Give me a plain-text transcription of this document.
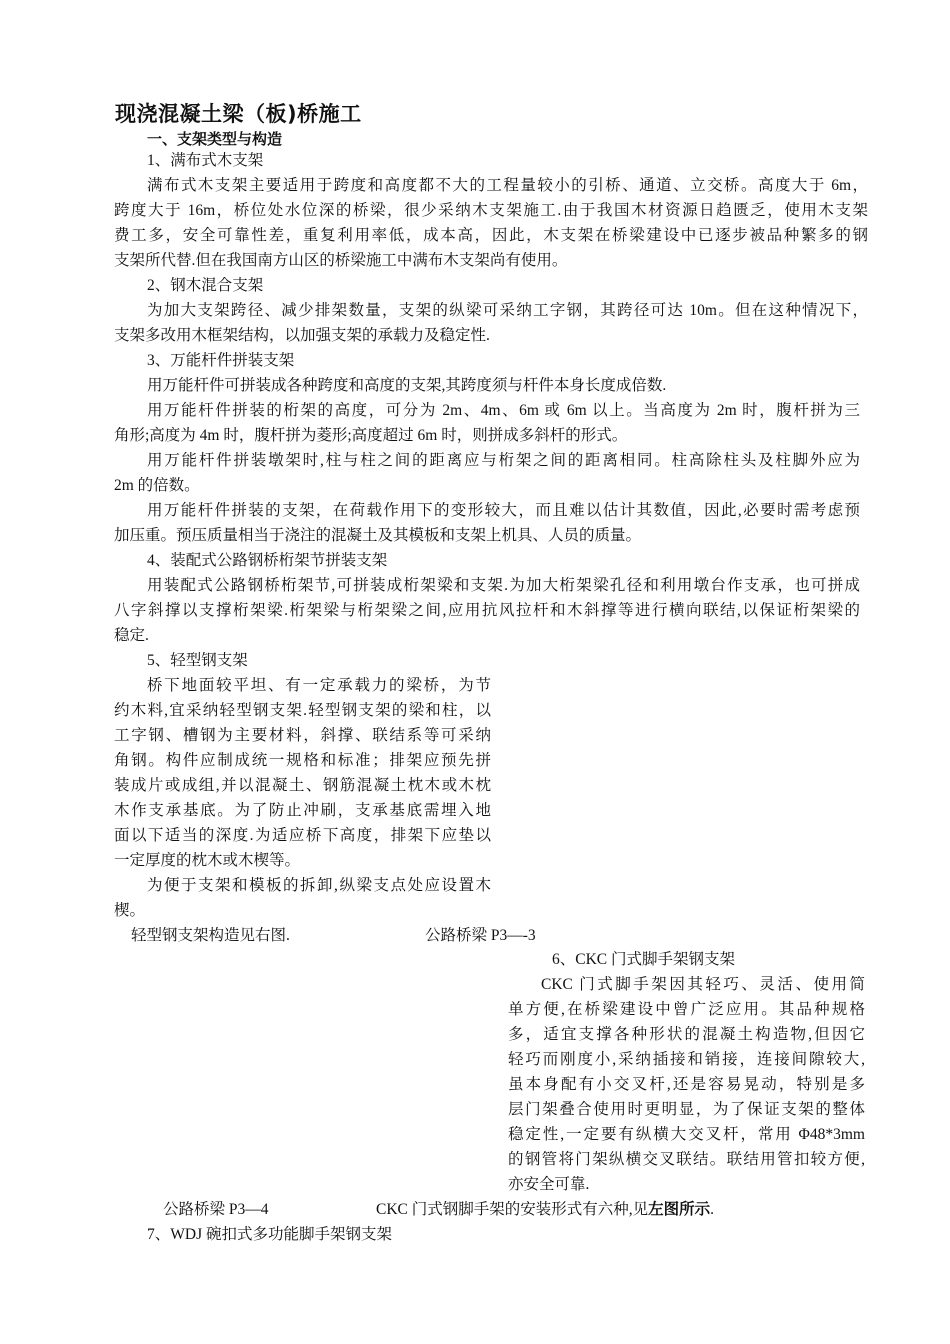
现浇混凝土梁（板)桥施工
一、支架类型与构造
1、满布式木支架
满布式木支架主要适用于跨度和高度都不大的工程量较小的引桥、通道、立交桥。高度大于 6m，
跨度大于 16m，桥位处水位深的桥梁，很少采纳木支架施工.由于我国木材资源日趋匮乏，使用木支架
费工多，安全可靠性差，重复利用率低，成本高，因此，木支架在桥梁建设中已逐步被品种繁多的钢
支架所代替.但在我国南方山区的桥梁施工中满布木支架尚有使用。
2、钢木混合支架
为加大支架跨径、减少排架数量，支架的纵梁可采纳工字钢，其跨径可达 10m。但在这种情况下，
支架多改用木框架结构，以加强支架的承载力及稳定性.
3、万能杆件拼装支架
用万能杆件可拼装成各种跨度和高度的支架,其跨度须与杆件本身长度成倍数.
用万能杆件拼装的桁架的高度，可分为 2m、4m、6m 或 6m 以上。当高度为 2m 时，腹杆拼为三
角形;高度为 4m 时，腹杆拼为菱形;高度超过 6m 时，则拼成多斜杆的形式。
用万能杆件拼装墩架时,柱与柱之间的距离应与桁架之间的距离相同。柱高除柱头及柱脚外应为
2m 的倍数。
用万能杆件拼装的支架，在荷载作用下的变形较大，而且难以估计其数值，因此,必要时需考虑预
加压重。预压质量相当于浇注的混凝土及其模板和支架上机具、人员的质量。
4、装配式公路钢桥桁架节拼装支架
用装配式公路钢桥桁架节,可拼装成桁架梁和支架.为加大桁架梁孔径和利用墩台作支承，也可拼成
八字斜撑以支撑桁架梁.桁架梁与桁架梁之间,应用抗风拉杆和木斜撑等进行横向联结,以保证桁架梁的
稳定.
5、轻型钢支架
桥下地面较平坦、有一定承载力的梁桥，为节
约木料,宜采纳轻型钢支架.轻型钢支架的梁和柱，以
工字钢、槽钢为主要材料，斜撑、联结系等可采纳
角钢。构件应制成统一规格和标准；排架应预先拼
装成片或成组,并以混凝土、钢筋混凝土枕木或木枕
木作支承基底。为了防止冲刷，支承基底需埋入地
面以下适当的深度.为适应桥下高度，排架下应垫以
一定厚度的枕木或木楔等。
为便于支架和模板的拆卸,纵梁支点处应设置木
楔。
轻型钢支架构造见右图.	公路桥梁 P3—-3
6、CKC 门式脚手架钢支架
CKC 门式脚手架因其轻巧、灵活、使用简
单方便,在桥梁建设中曾广泛应用。其品种规格
多，适宜支撑各种形状的混凝土构造物,但因它
轻巧而刚度小,采纳插接和销接，连接间隙较大,
虽本身配有小交叉杆,还是容易晃动，特别是多
层门架叠合使用时更明显，为了保证支架的整体
稳定性,一定要有纵横大交叉杆，常用 Φ48*3mm
的钢管将门架纵横交叉联结。联结用管扣较方便,
亦安全可靠.
公路桥梁 P3—4	CKC 门式钢脚手架的安装形式有六种,见左图所示.
7、WDJ 碗扣式多功能脚手架钢支架
